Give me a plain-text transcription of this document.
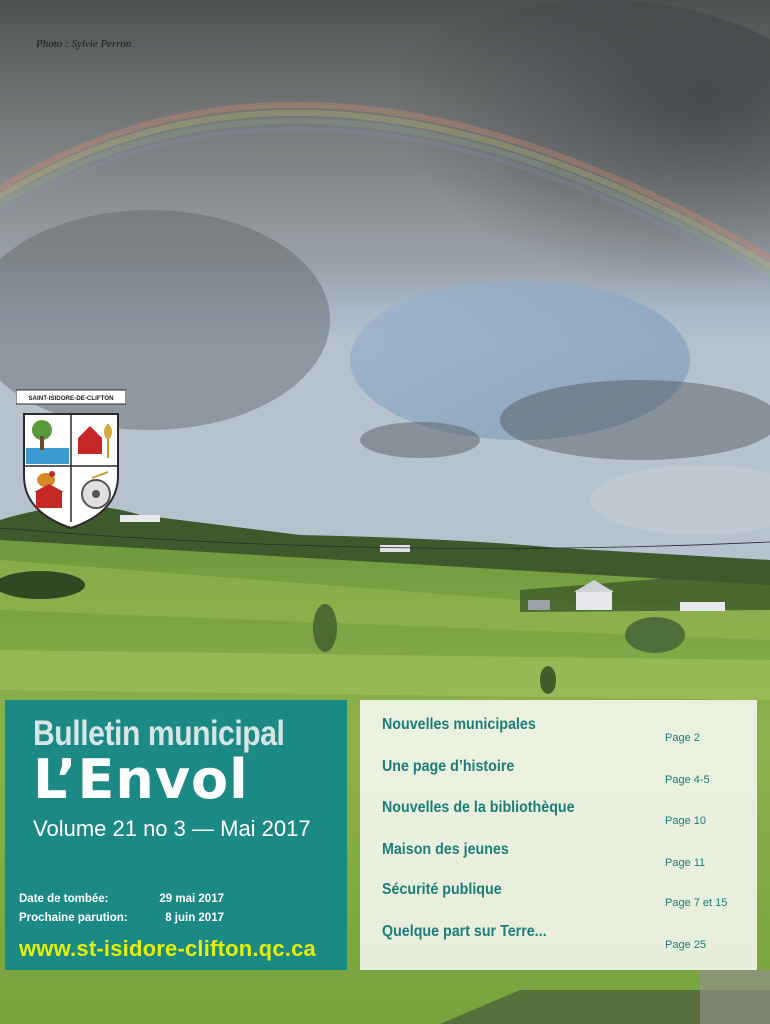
Photo : Sylvie Perron
SAINT-ISIDORE-DE-CLIFTON
Bulletin municipal
L’Envol
Volume 21 no 3 — Mai 2017
Date de tombée:	29 mai 2017
Prochaine parution:	8 juin 2017
www.st-isidore-clifton.qc.ca
Nouvelles municipales
Page 2
Une page d’histoire
Page 4-5
Nouvelles de la bibliothèque
Page 10
Maison des jeunes
Page 11
Sécurité publique
Page 7 et 15
Quelque part sur Terre...
Page 25
